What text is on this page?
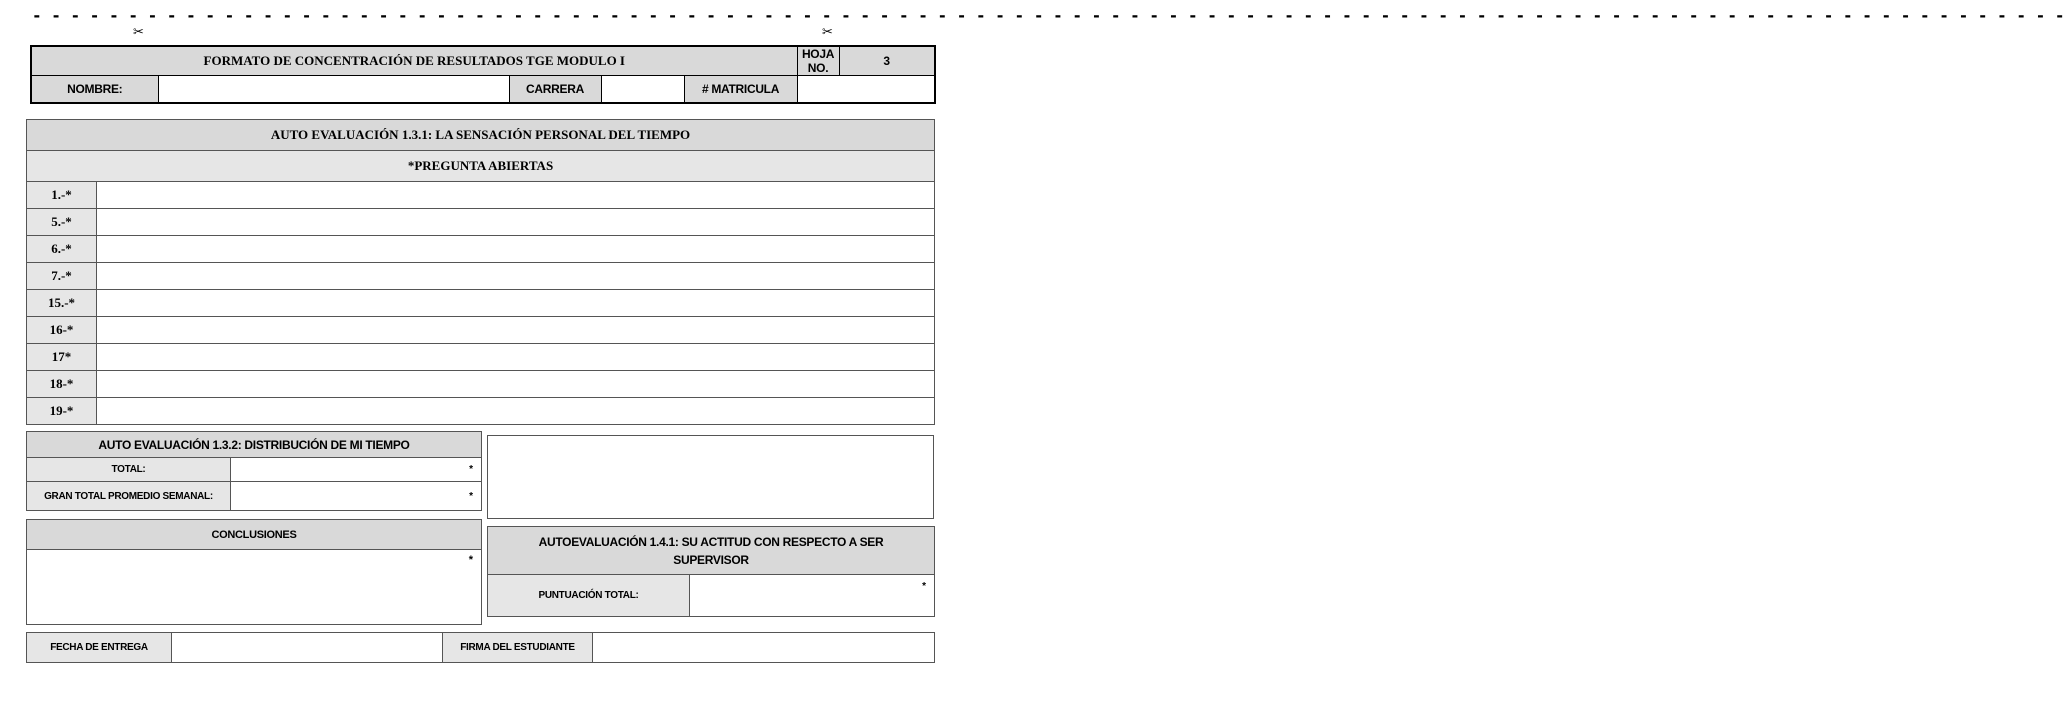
- - - - - - - - - - - - - - - - - - - - - - - - - - - - - - - - - - - - - - - - - - - - - - - - - - - - - - - - - - - - - - - - - - - - - - - - - - - - - - - - - - - - - - - - - - - - - - - - - - - - - - - - - -
✂	✂
FORMATO DE CONCENTRACIÓN DE RESULTADOS TGE MODULO I					HOJA NO.	3
NOMBRE:		CARRERA		# MATRICULA		
AUTO EVALUACIÓN 1.3.1: LA SENSACIÓN PERSONAL DEL TIEMPO	
*PREGUNTA ABIERTAS	
1.-*	
5.-*	
6.-*	
7.-*	
15.-*	
16-*	
17*	
18-*	
19-*	
AUTO EVALUACIÓN 1.3.2: DISTRIBUCIÓN DE MI TIEMPO	
TOTAL:	*
GRAN TOTAL PROMEDIO SEMANAL:	*
CONCLUSIONES
*
AUTOEVALUACIÓN 1.4.1: SU ACTITUD CON RESPECTO A SER SUPERVISOR
PUNTUACIÓN TOTAL:	*
FECHA DE ENTREGA		FIRMA DEL ESTUDIANTE	
